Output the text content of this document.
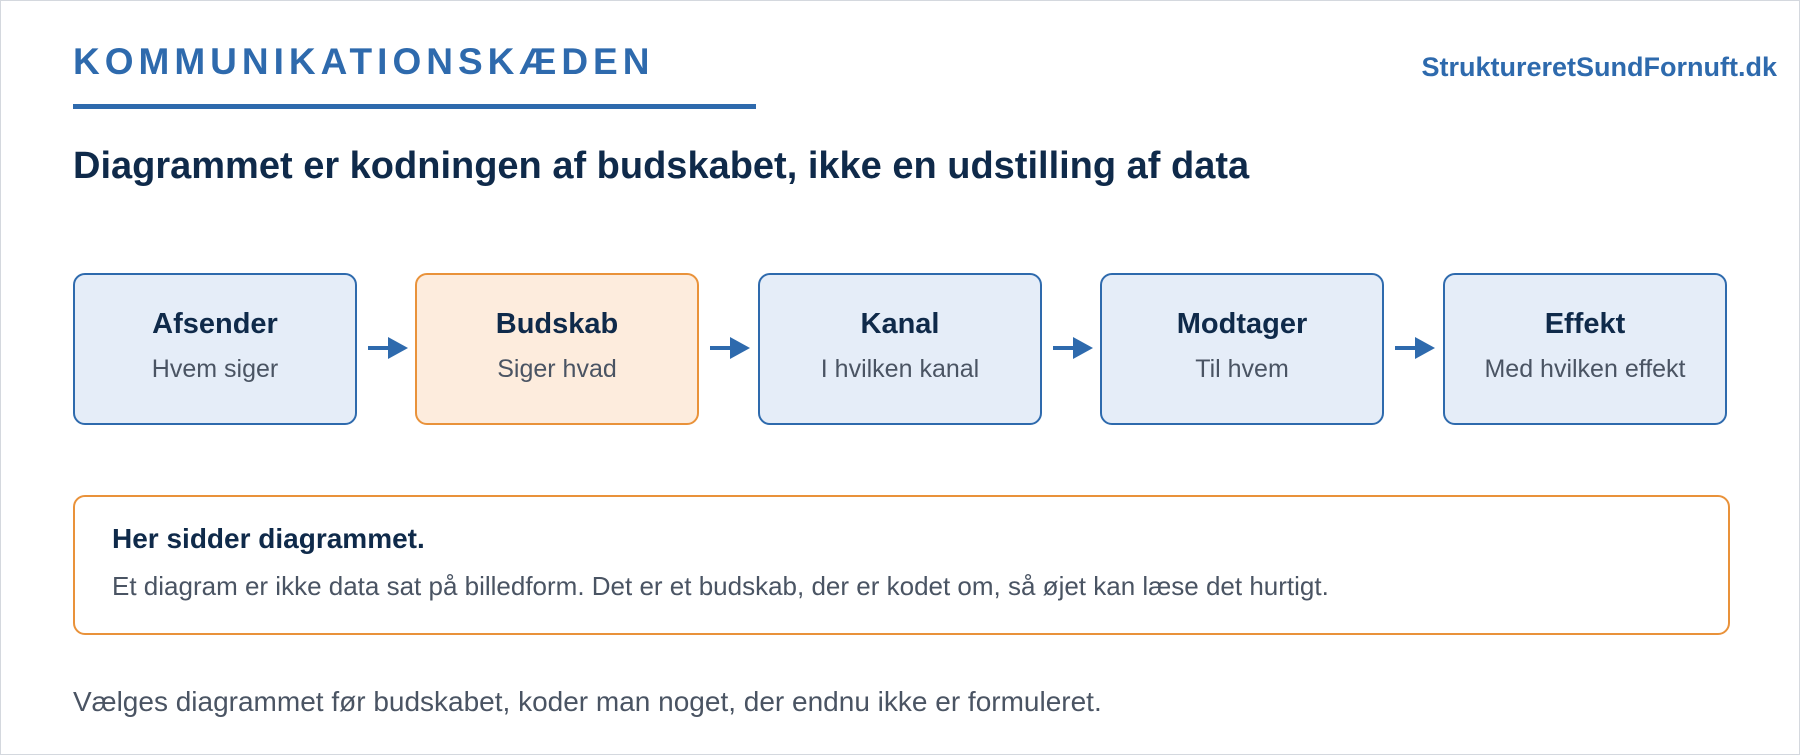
KOMMUNIKATIONSKÆDEN	StruktureretSundFornuft.dk
Diagrammet er kodningen af budskabet, ikke en udstilling af data
Afsender
Hvem siger
Budskab
Siger hvad
Kanal
I hvilken kanal
Modtager
Til hvem
Effekt
Med hvilken effekt
Her sidder diagrammet.
Et diagram er ikke data sat på billedform. Det er et budskab, der er kodet om, så øjet kan læse det hurtigt.
Vælges diagrammet før budskabet, koder man noget, der endnu ikke er formuleret.
